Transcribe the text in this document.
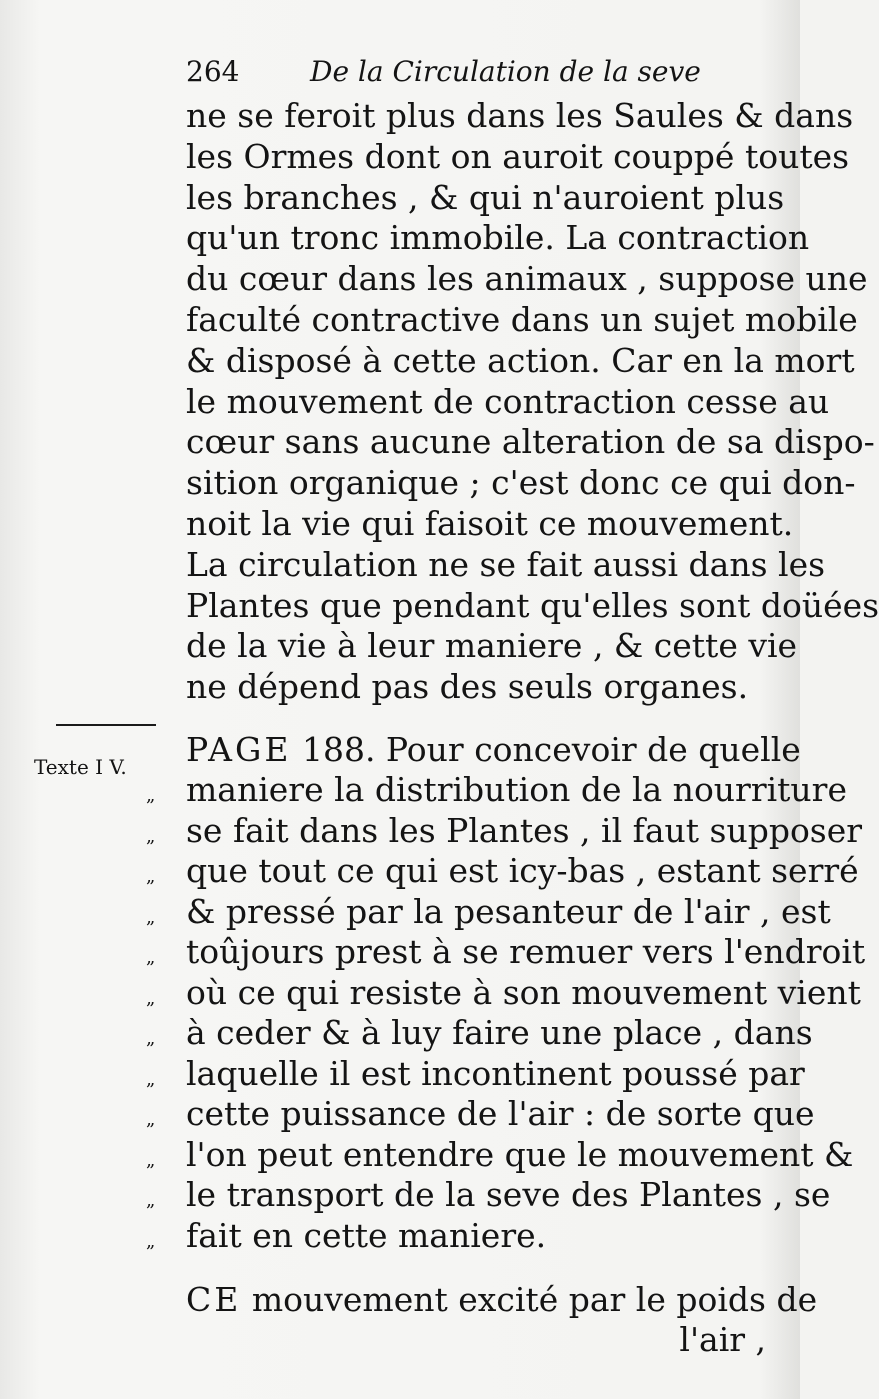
264	De la Circulation de la seve
ne se feroit plus dans les Saules & dans
les Ormes dont on auroit couppé toutes
les branches , & qui n'auroient plus
qu'un tronc immobile. La contraction
du cœur dans les animaux , suppose une
faculté contractive dans un sujet mobile
& disposé à cette action. Car en la mort
le mouvement de contraction cesse au
cœur sans aucune alteration de sa dispo-
sition organique ; c'est donc ce qui don-
noit la vie qui faisoit ce mouvement.
La circulation ne se fait aussi dans les
Plantes que pendant qu'elles sont doüées
de la vie à leur maniere , & cette vie
ne dépend pas des seuls organes.
Texte I V.	PAGE 188. Pour concevoir de quelle
maniere la distribution de la nourriture
se fait dans les Plantes , il faut supposer
que tout ce qui est icy-bas , estant serré
& pressé par la pesanteur de l'air , est
toûjours prest à se remuer vers l'endroit
où ce qui resiste à son mouvement vient
à ceder & à luy faire une place , dans
laquelle il est incontinent poussé par
cette puissance de l'air : de sorte que
l'on peut entendre que le mouvement &
le transport de la seve des Plantes , se
fait en cette maniere.
„
„
„
„
„
„
„
„
„
„
„
„
CE mouvement excité par le poids de
l'air ,
